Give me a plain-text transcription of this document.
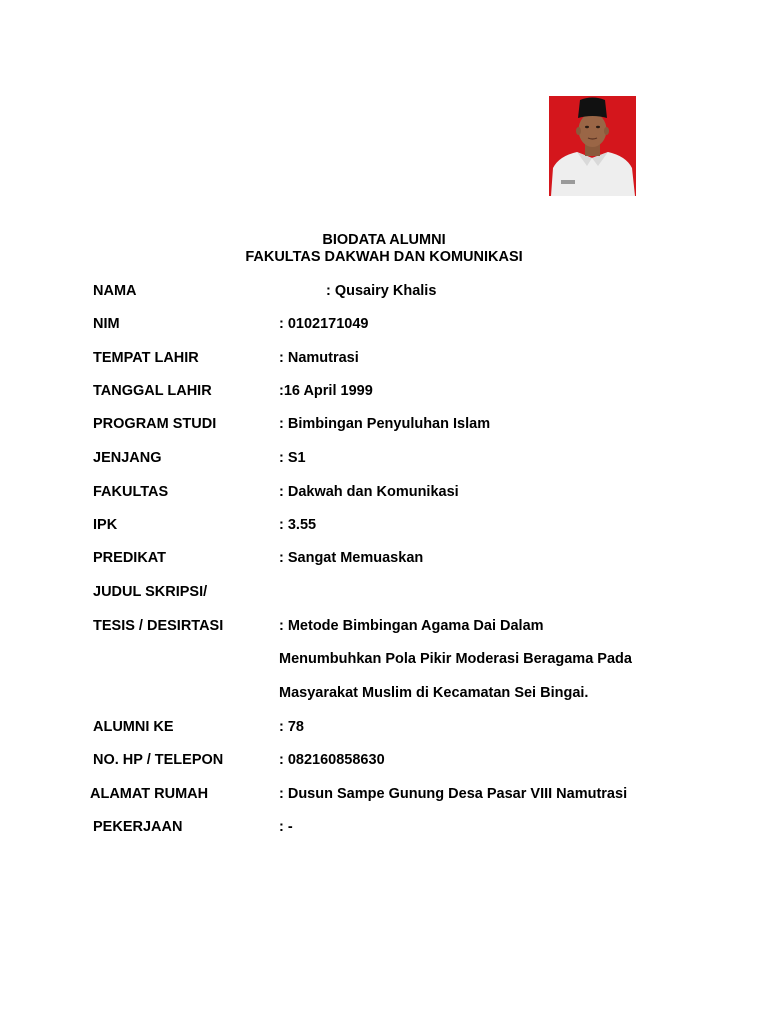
BIODATA ALUMNI

FAKULTAS DAKWAH DAN KOMUNIKASI

NAMA	: Qusairy Khalis
NIM	: 0102171049
TEMPAT LAHIR	: Namutrasi
TANGGAL LAHIR	:16 April 1999
PROGRAM STUDI	: Bimbingan Penyuluhan Islam
JENJANG	: S1
FAKULTAS	: Dakwah dan Komunikasi
IPK	: 3.55
PREDIKAT	: Sangat Memuaskan
JUDUL SKRIPSI/
TESIS / DESIRTASI	: Metode Bimbingan Agama Dai Dalam
Menumbuhkan Pola Pikir Moderasi Beragama Pada
Masyarakat Muslim di Kecamatan Sei Bingai.
ALUMNI KE	: 78
NO. HP / TELEPON	: 082160858630
ALAMAT RUMAH	: Dusun Sampe Gunung Desa Pasar VIII Namutrasi
PEKERJAAN	: -
